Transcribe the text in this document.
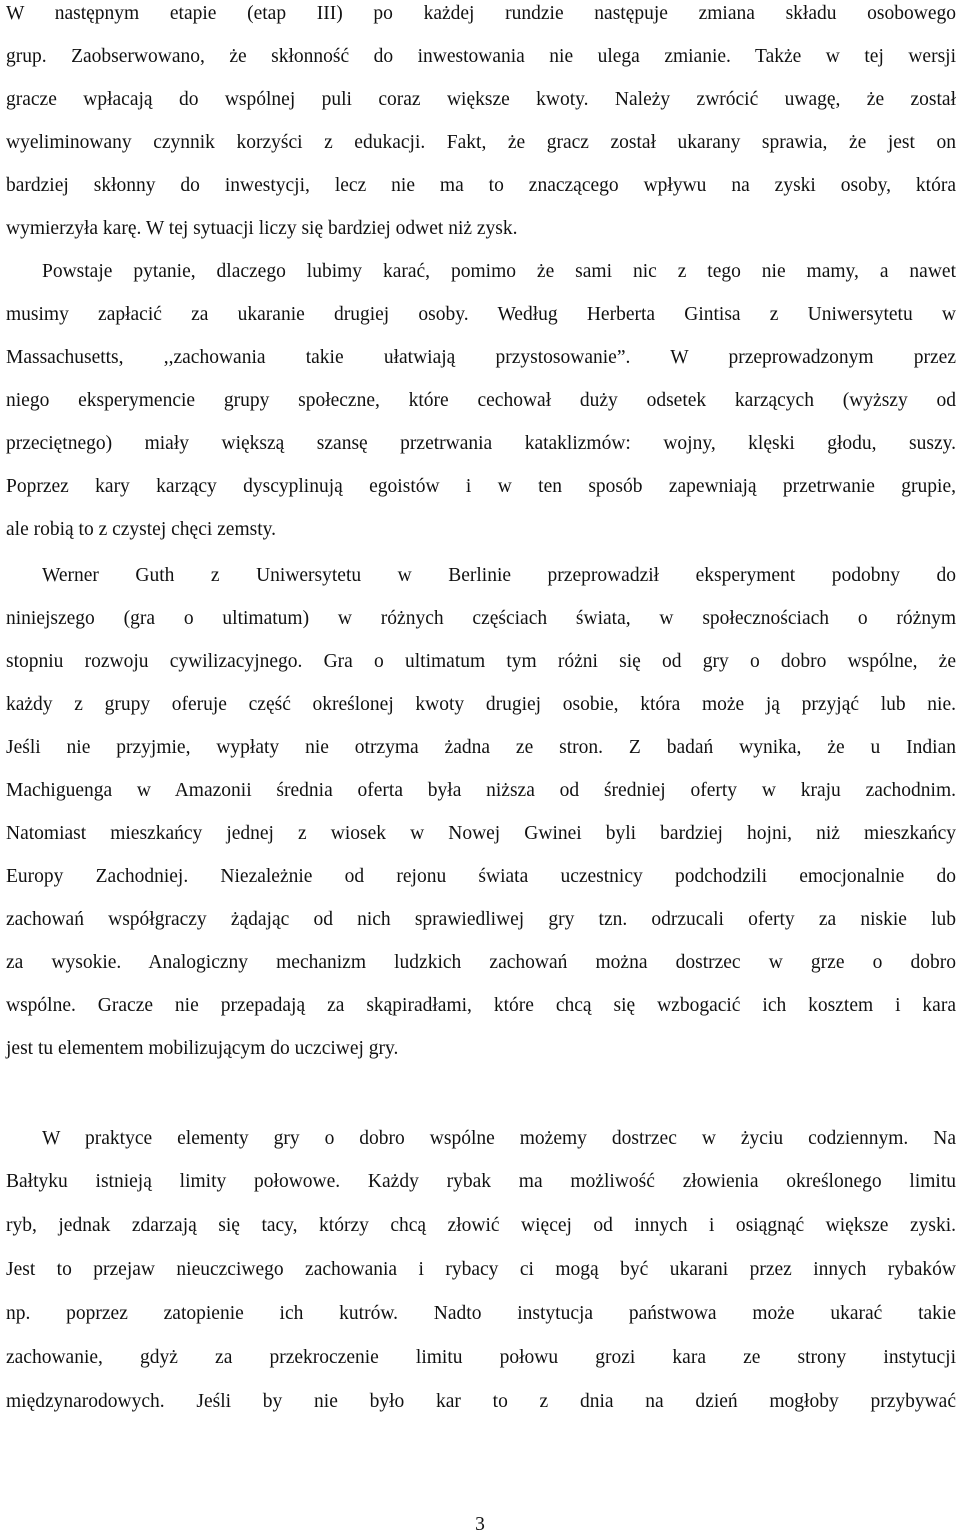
W następnym etapie (etap III) po każdej rundzie następuje zmiana składu osobowego
grup. Zaobserwowano, że skłonność do inwestowania nie ulega zmianie. Także w tej wersji
gracze wpłacają do wspólnej puli coraz większe kwoty. Należy zwrócić uwagę, że został
wyeliminowany czynnik korzyści z edukacji. Fakt, że gracz został ukarany sprawia, że jest on
bardziej skłonny do inwestycji, lecz nie ma to znaczącego wpływu na zyski osoby, która
wymierzyła karę. W tej sytuacji liczy się bardziej odwet niż zysk.
Powstaje pytanie, dlaczego lubimy karać, pomimo że sami nic z tego nie mamy, a nawet
musimy zapłacić za ukaranie drugiej osoby. Według Herberta Gintisa z Uniwersytetu w
Massachusetts, ,,zachowania takie ułatwiają przystosowanie”. W przeprowadzonym przez
niego eksperymencie grupy społeczne, które cechował duży odsetek karzących (wyższy od
przeciętnego) miały większą szansę przetrwania kataklizmów: wojny, klęski głodu, suszy.
Poprzez kary karzący dyscyplinują egoistów i w ten sposób zapewniają przetrwanie grupie,
ale robią to z czystej chęci zemsty.
Werner Guth z Uniwersytetu w Berlinie przeprowadził eksperyment podobny do
niniejszego (gra o ultimatum) w różnych częściach świata, w społecznościach o różnym
stopniu rozwoju cywilizacyjnego. Gra o ultimatum tym różni się od gry o dobro wspólne, że
każdy z grupy oferuje część określonej kwoty drugiej osobie, która może ją przyjąć lub nie.
Jeśli nie przyjmie, wypłaty nie otrzyma żadna ze stron. Z badań wynika, że u Indian
Machiguenga w Amazonii średnia oferta była niższa od średniej oferty w kraju zachodnim.
Natomiast mieszkańcy jednej z wiosek w Nowej Gwinei byli bardziej hojni, niż mieszkańcy
Europy Zachodniej. Niezależnie od rejonu świata uczestnicy podchodzili emocjonalnie do
zachowań współgraczy żądając od nich sprawiedliwej gry tzn. odrzucali oferty za niskie lub
za wysokie. Analogiczny mechanizm ludzkich zachowań można dostrzec w grze o dobro
wspólne. Gracze nie przepadają za skąpiradłami, które chcą się wzbogacić ich kosztem i kara
jest tu elementem mobilizującym do uczciwej gry.
W praktyce elementy gry o dobro wspólne możemy dostrzec w życiu codziennym. Na
Bałtyku istnieją limity połowowe. Każdy rybak ma możliwość złowienia określonego limitu
ryb, jednak zdarzają się tacy, którzy chcą złowić więcej od innych i osiągnąć większe zyski.
Jest to przejaw nieuczciwego zachowania i rybacy ci mogą być ukarani przez innych rybaków
np. poprzez zatopienie ich kutrów. Nadto instytucja państwowa może ukarać takie
zachowanie, gdyż za przekroczenie limitu połowu grozi kara ze strony instytucji
międzynarodowych. Jeśli by nie było kar to z dnia na dzień mogłoby przybywać
3
